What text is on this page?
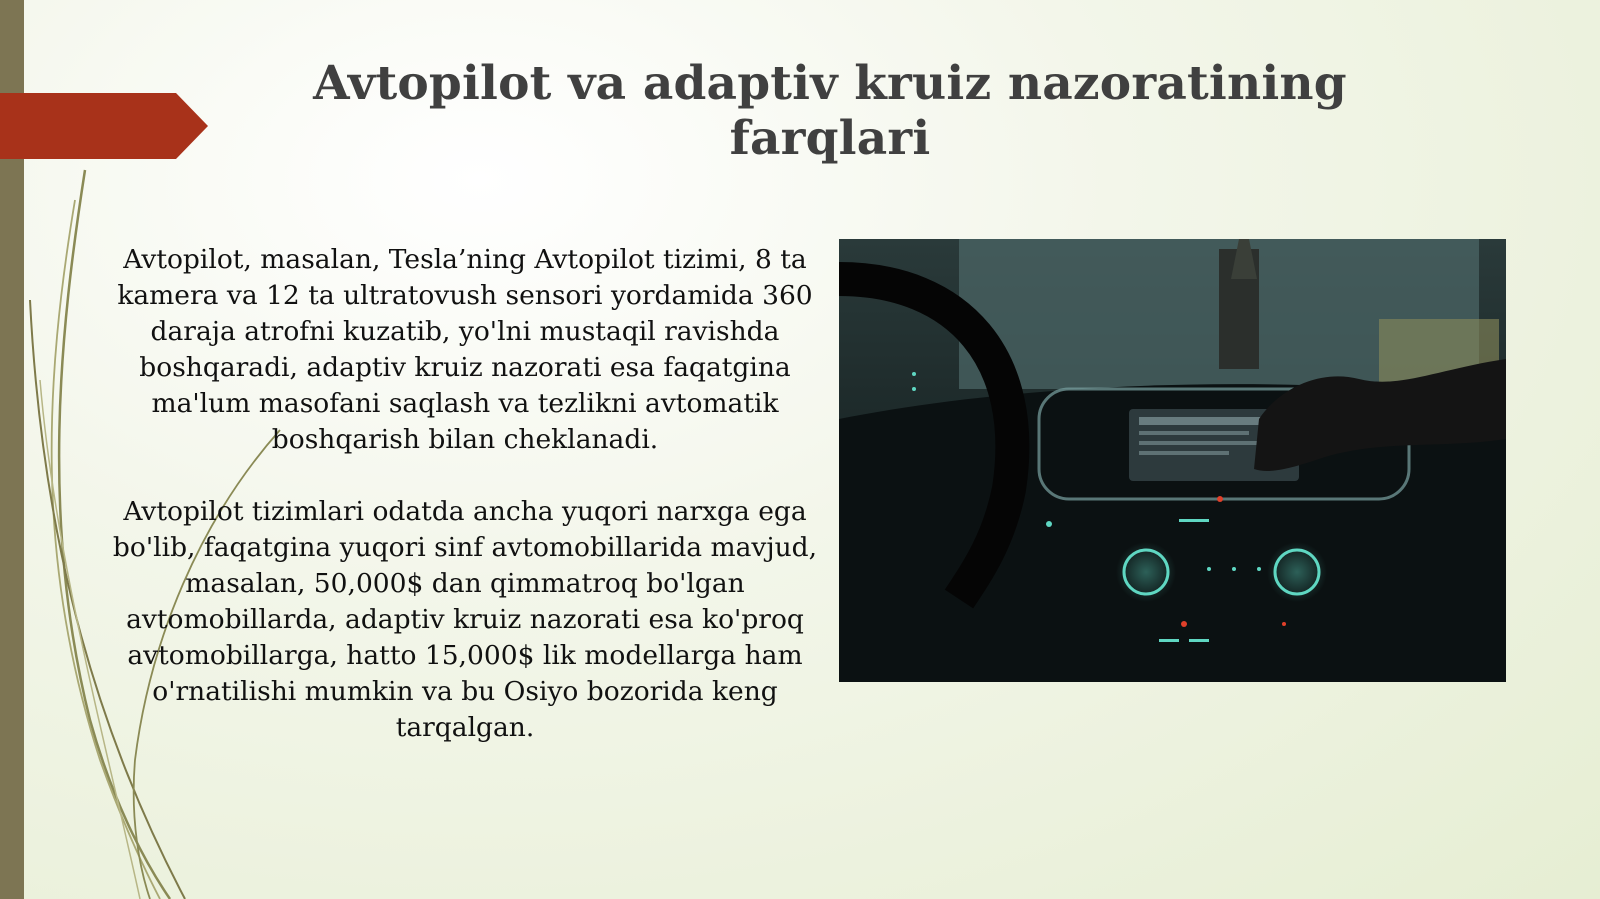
Avtopilot va adaptiv kruiz nazoratining farqlari

Avtopilot, masalan, Tesla’ning Avtopilot tizimi, 8 ta kamera va 12 ta ultratovush sensori yordamida 360 daraja atrofni kuzatib, yo'lni mustaqil ravishda boshqaradi, adaptiv kruiz nazorati esa faqatgina ma'lum masofani saqlash va tezlikni avtomatik boshqarish bilan cheklanadi.

Avtopilot tizimlari odatda ancha yuqori narxga ega bo'lib, faqatgina yuqori sinf avtomobillarida mavjud, masalan, 50,000$ dan qimmatroq bo'lgan avtomobillarda, adaptiv kruiz nazorati esa ko'proq avtomobillarga, hatto 15,000$ lik modellarga ham o'rnatilishi mumkin va bu Osiyo bozorida keng tarqalgan.
